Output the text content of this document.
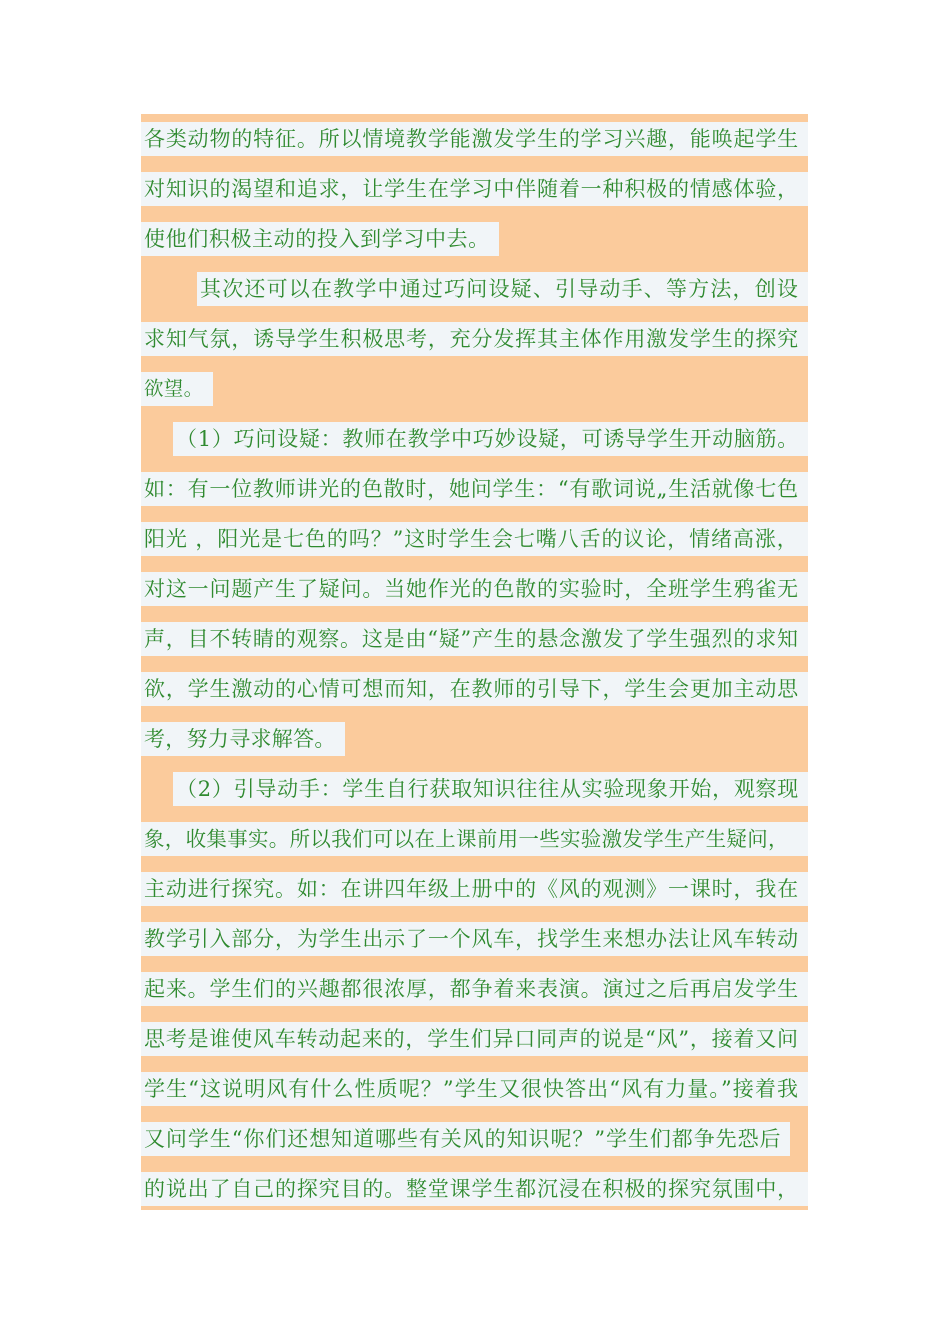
各类动物的特征。所以情境教学能激发学生的学习兴趣，能唤起学生
对知识的渴望和追求，让学生在学习中伴随着一种积极的情感体验，
使他们积极主动的投入到学习中去。
其次还可以在教学中通过巧问设疑、引导动手、等方法，创设
求知气氛，诱导学生积极思考，充分发挥其主体作用激发学生的探究
欲望。
（1）巧问设疑：教师在教学中巧妙设疑，可诱导学生开动脑筋。
如：有一位教师讲光的色散时，她问学生：“有歌词说„生活就像七色
阳光 ，阳光是七色的吗？”这时学生会七嘴八舌的议论，情绪高涨，
对这一问题产生了疑问。当她作光的色散的实验时，全班学生鸦雀无
声，目不转睛的观察。这是由“疑”产生的悬念激发了学生强烈的求知
欲，学生激动的心情可想而知，在教师的引导下，学生会更加主动思
考，努力寻求解答。
（2）引导动手：学生自行获取知识往往从实验现象开始，观察现
象，收集事实。所以我们可以在上课前用一些实验激发学生产生疑问，
主动进行探究。如：在讲四年级上册中的《风的观测》一课时，我在
教学引入部分，为学生出示了一个风车，找学生来想办法让风车转动
起来。学生们的兴趣都很浓厚，都争着来表演。演过之后再启发学生
思考是谁使风车转动起来的，学生们异口同声的说是“风”，接着又问
学生“这说明风有什么性质呢？”学生又很快答出“风有力量。”接着我
又问学生“你们还想知道哪些有关风的知识呢？”学生们都争先恐后
的说出了自己的探究目的。整堂课学生都沉浸在积极的探究氛围中，
